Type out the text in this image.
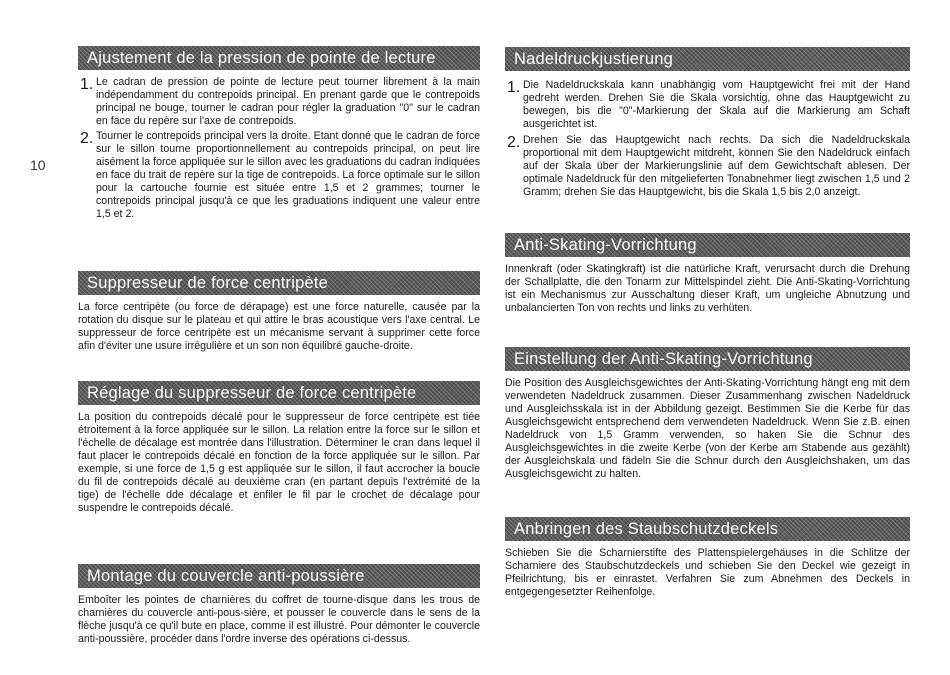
10
Ajustement de la pression de pointe de lecture
1. Le cadran de pression de pointe de lecture peut tourner librement à la main indépendamment du contrepoids principal. En prenant garde que le contrepoids principal ne bouge, tourner le cadran pour régler la graduation "0" sur le cadran en face du repère sur l'axe de contrepoids.

2. Tourner le contrepoids principal vers la droite. Etant donné que le cadran de force sur le sillon tourne proportionnellement au contrepoids principal, on peut lire aisément la force appliquée sur le sillon avec les graduations du cadran indiquées en face du trait de repère sur la tige de contrepoids. La force optimale sur le sillon pour la cartouche fournie est située entre 1,5 et 2 grammes; tourner le contrepoids principal jusqu'à ce que les graduations indiquent une valeur entre 1,5 et 2.

Suppresseur de force centripète

La force centripète (ou force de dérapage) est une force naturelle, causée par la rotation du disque sur le plateau et qui attire le bras acoustique vers l'axe central. Le suppresseur de force centripète est un mécanisme servant à supprimer cette force afin d'éviter une usure irrégulière et un son non équilibré gauche-droite.

Réglage du suppresseur de force centripète

La position du contrepoids décalé pour le suppresseur de force centripète est tiée étroitement à la force appliquée sur le sillon. La relation entre la force sur le sillon et l'échelle de décalage est montrée dans l'illustration. Déterminer le cran dans lequel il faut placer le contrepoids décalé en fonction de la force appliquée sur le sillon. Par exemple, si une force de 1,5 g est appliquée sur le sillon, il faut accrocher la boucle du fil de contrepoids décalé au deuxième cran (en partant depuis l'extrémité de la tige) de l'échelle dde décalage et enfiler le fil par le crochet de décalage pour suspendre le contrepoids décalé.

Montage du couvercle anti-poussière

Emboîter les pointes de charnières du coffret de tourne-disque dans les trous de charnières du couvercle anti-pous-sière, et pousser le couvercle dans le sens de la flèche jusqu'à ce qu'il bute en place, comme il est illustré. Pour démonter le couvercle anti-poussière, procéder dans l'ordre inverse des opérations ci-dessus.

Nadeldruckjustierung
1. Die Nadeldruckskala kann unabhängig vom Hauptgewicht frei mit der Hand gedreht werden. Drehen Sie die Skala vorsichtig, ohne das Hauptgewicht zu bewegen, bis die "0"-Markierung der Skala auf die Markierung am Schaft ausgerichtet ist.

2. Drehen Sie das Hauptgewicht nach rechts. Da sich die Nadeldruckskala proportional mit dem Hauptgewicht mitdreht, können Sie den Nadeldruck einfach auf der Skala über der Markierungslinie auf dem Gewichtschaft ablesen. Der optimale Nadeldruck für den mitgelieferten Tonabnehmer liegt zwischen 1,5 und 2 Gramm; drehen Sie das Hauptgewicht, bis die Skala 1,5 bis 2,0 anzeigt.

Anti-Skating-Vorrichtung

Innenkraft (oder Skatingkraft) ist die natürliche Kraft, verursacht durch die Drehung der Schallplatte, die den Tonarm zur Mittelspindel zieht. Die Anti-Skating-Vorrichtung ist ein Mechanismus zur Ausschaltung dieser Kraft, um ungleiche Abnutzung und unbalancierten Ton von rechts und links zu verhüten.

Einstellung der Anti-Skating-Vorrichtung

Die Position des Ausgleichsgewichtes der Anti-Skating-Vorrichtung hängt eng mit dem verwendeten Nadeldruck zusammen. Dieser Zusammenhang zwischen Nadeldruck und Ausgleichsskala ist in der Abbildung gezeigt. Bestimmen Sie die Kerbe für das Ausgleichsgewicht entsprechend dem verwendeten Nadeldruck. Wenn Sie z.B. einen Nadeldruck von 1,5 Gramm verwenden, so haken Sie die Schnur des Ausgleichsgewichtes in die zweite Kerbe (von der Kerbe am Stabende aus gezählt) der Ausgleichskala und fädeln Sie die Schnur durch den Ausgleichshaken, um das Ausgleichsgewicht zu halten.

Anbringen des Staubschutzdeckels

Schieben Sie die Scharnierstifte des Plattenspielergehäuses in die Schlitze der Scharniere des Staubschutzdeckels und schieben Sie den Deckel wie gezeigt in Pfeilrichtung, bis er einrastet. Verfahren Sie zum Abnehmen des Deckels in entgegengesetzter Reihenfolge.
